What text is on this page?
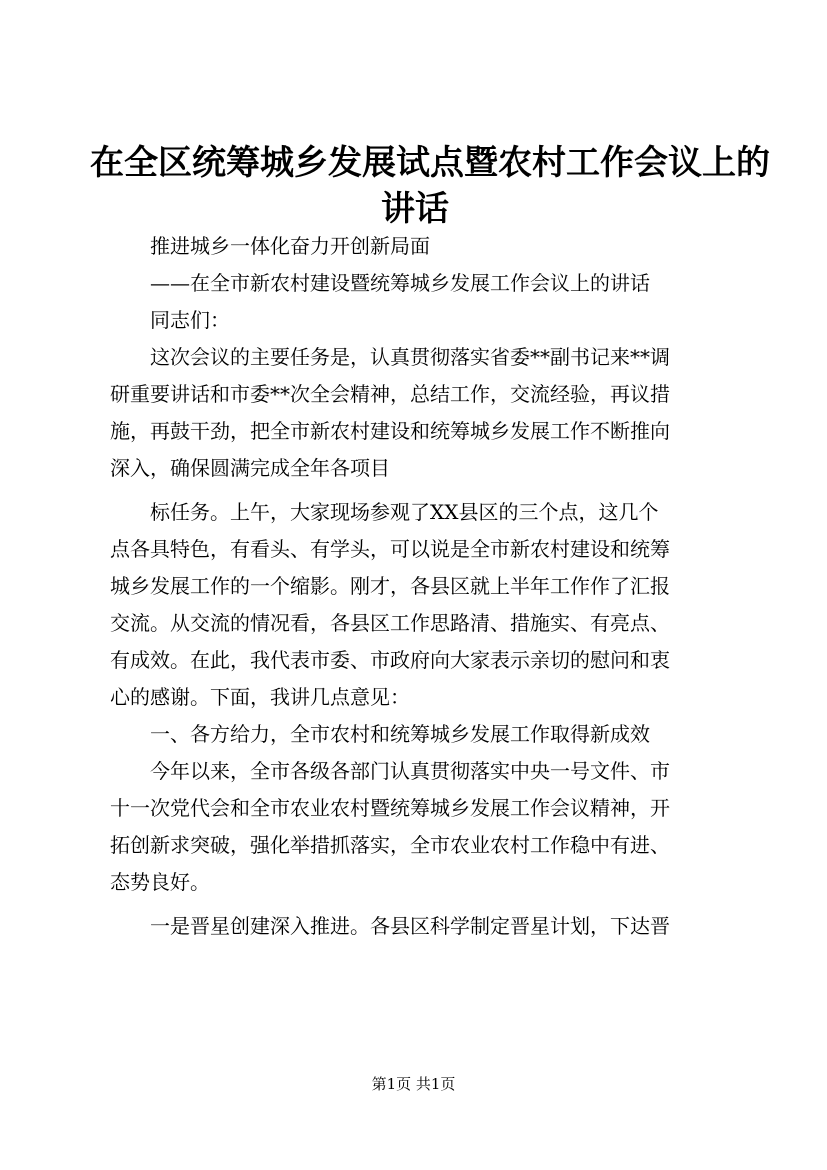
在全区统筹城乡发展试点暨农村工作会议上的
讲话
推进城乡一体化奋力开创新局面
——在全市新农村建设暨统筹城乡发展工作会议上的讲话
同志们：
这次会议的主要任务是，认真贯彻落实省委**副书记来**调
研重要讲话和市委**次全会精神，总结工作，交流经验，再议措
施，再鼓干劲，把全市新农村建设和统筹城乡发展工作不断推向
深入，确保圆满完成全年各项目
标任务。上午，大家现场参观了XX县区的三个点，这几个
点各具特色，有看头、有学头，可以说是全市新农村建设和统筹
城乡发展工作的一个缩影。刚才，各县区就上半年工作作了汇报
交流。从交流的情况看，各县区工作思路清、措施实、有亮点、
有成效。在此，我代表市委、市政府向大家表示亲切的慰问和衷
心的感谢。下面，我讲几点意见：
一、各方给力，全市农村和统筹城乡发展工作取得新成效
今年以来，全市各级各部门认真贯彻落实中央一号文件、市
十一次党代会和全市农业农村暨统筹城乡发展工作会议精神，开
拓创新求突破，强化举措抓落实，全市农业农村工作稳中有进、
态势良好。
一是晋星创建深入推进。各县区科学制定晋星计划，下达晋
第1页 共1页
